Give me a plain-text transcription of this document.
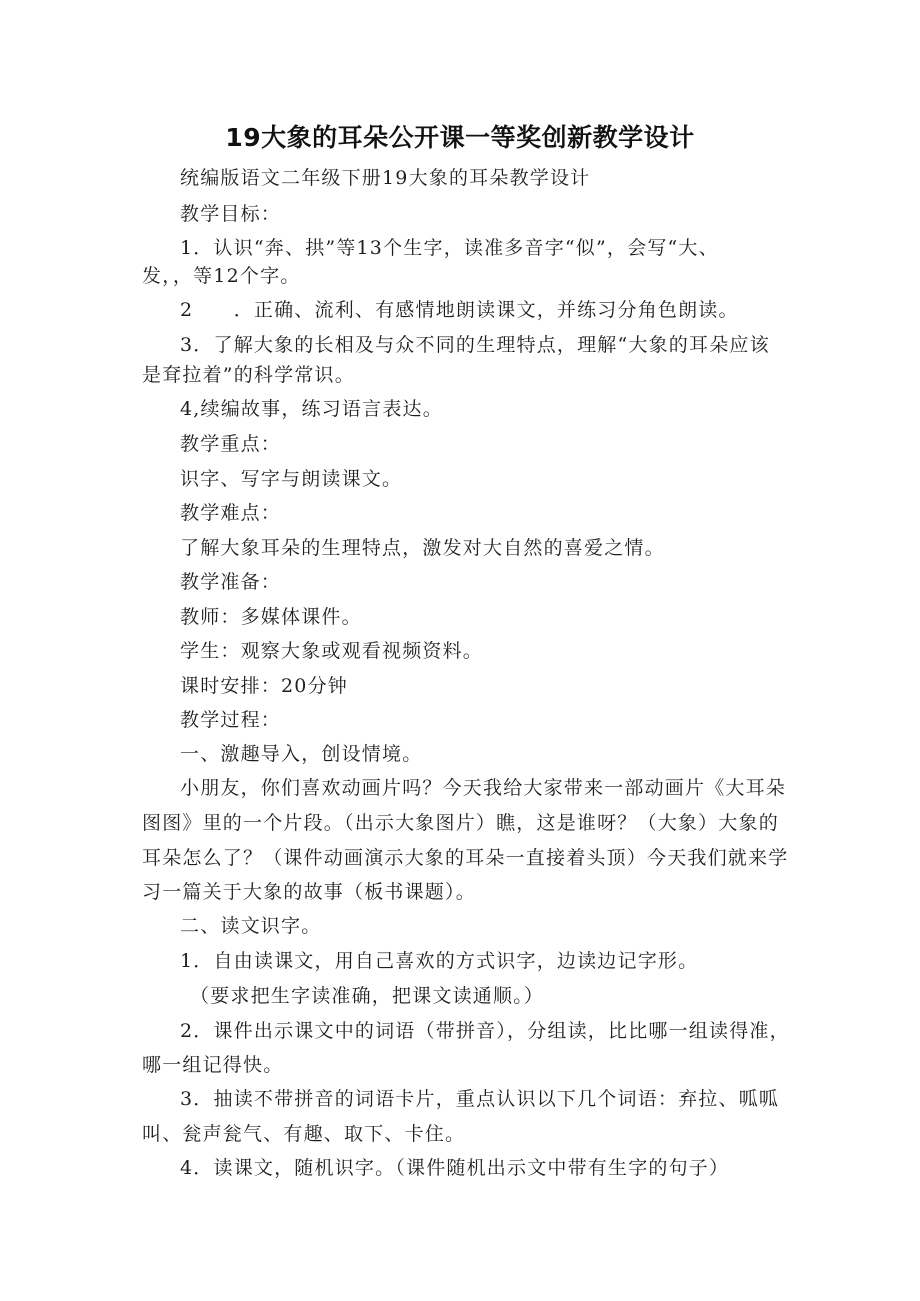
19大象的耳朵公开课一等奖创新教学设计
统编版语文二年级下册19大象的耳朵教学设计
教学目标：
1．认识“奔、拱”等13个生字，读准多音字“似”，会写“大、
发，，等12个字。
2　　．正确、流利、有感情地朗读课文，并练习分角色朗读。
3．了解大象的长相及与众不同的生理特点，理解“大象的耳朵应该
是耷拉着”的科学常识。
4,续编故事，练习语言表达。
教学重点：
识字、写字与朗读课文。
教学难点：
了解大象耳朵的生理特点，激发对大自然的喜爱之情。
教学准备：
教师：多媒体课件。
学生：观察大象或观看视频资料。
课时安排：20分钟
教学过程：
一、激趣导入，创设情境。
小朋友，你们喜欢动画片吗？今天我给大家带来一部动画片《大耳朵
图图》里的一个片段。（出示大象图片）瞧，这是谁呀？（大象）大象的
耳朵怎么了？（课件动画演示大象的耳朵一直接着头顶）今天我们就来学
习一篇关于大象的故事（板书课题）。
二、读文识字。
1．自由读课文，用自己喜欢的方式识字，边读边记字形。
（要求把生字读准确，把课文读通顺。）
2．课件出示课文中的词语（带拼音），分组读，比比哪一组读得准，
哪一组记得快。
3．抽读不带拼音的词语卡片，重点认识以下几个词语：弃拉、呱呱
叫、瓮声瓮气、有趣、取下、卡住。
4．读课文，随机识字。（课件随机出示文中带有生字的句子）
